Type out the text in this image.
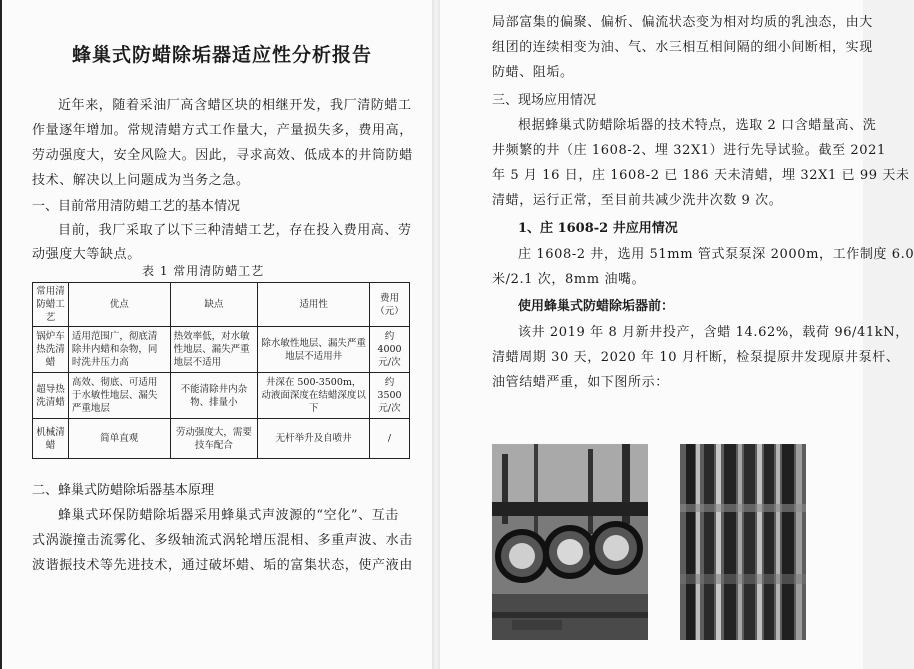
蜂巢式防蜡除垢器适应性分析报告
近年来，随着采油厂高含蜡区块的相继开发，我厂清防蜡工
作量逐年增加。常规清蜡方式工作量大，产量损失多，费用高，
劳动强度大，安全风险大。因此，寻求高效、低成本的井筒防蜡
技术、解决以上问题成为当务之急。
一、目前常用清防蜡工艺的基本情况
目前，我厂采取了以下三种清蜡工艺，存在投入费用高、劳
动强度大等缺点。
表 1 常用清防蜡工艺
常用清防蜡工艺	优点	缺点	适用性	费用（元）
锅炉车热洗清蜡	适用范围广，彻底清除井内蜡和杂物，同时洗井压力高	热效率低，对水敏性地层、漏失严重地层不适用	除水敏性地层、漏失严重地层不适用井	约 4000元/次
超导热洗清蜡	高效、彻底、可适用于水敏性地层、漏失严重地层	不能清除井内杂物、排量小	井深在 500-3500m，动液面深度在结蜡深度以下	约 3500元/次
机械清蜡	简单直观	劳动强度大，需要技车配合	无杆举升及自喷井	/
二、蜂巢式防蜡除垢器基本原理
蜂巢式环保防蜡除垢器采用蜂巢式声波源的“空化”、互击
式涡漩撞击流雾化、多级轴流式涡轮增压混相、多重声波、水击
波谐振技术等先进技术，通过破坏蜡、垢的富集状态，使产液由
局部富集的偏聚、偏析、偏流状态变为相对均质的乳浊态，由大
组团的连续相变为油、气、水三相互相间隔的细小间断相，实现
防蜡、阻垢。
三、现场应用情况
根据蜂巢式防蜡除垢器的技术特点，选取 2 口含蜡量高、洗
井频繁的井（庄 1608-2、埋 32X1）进行先导试验。截至 2021
年 5 月 16 日，庄 1608-2 已 186 天未清蜡，埋 32X1 已 99 天未
清蜡，运行正常，至目前共减少洗井次数 9 次。
1、庄 1608-2 井应用情况
庄 1608-2 井，选用 51mm 管式泵泵深 2000m，工作制度 6.0
米/2.1 次，8mm 油嘴。
使用蜂巢式防蜡除垢器前：
该井 2019 年 8 月新井投产，含蜡 14.62%，载荷 96/41kN，
清蜡周期 30 天，2020 年 10 月杆断，检泵提原井发现原井泵杆、
油管结蜡严重，如下图所示：
